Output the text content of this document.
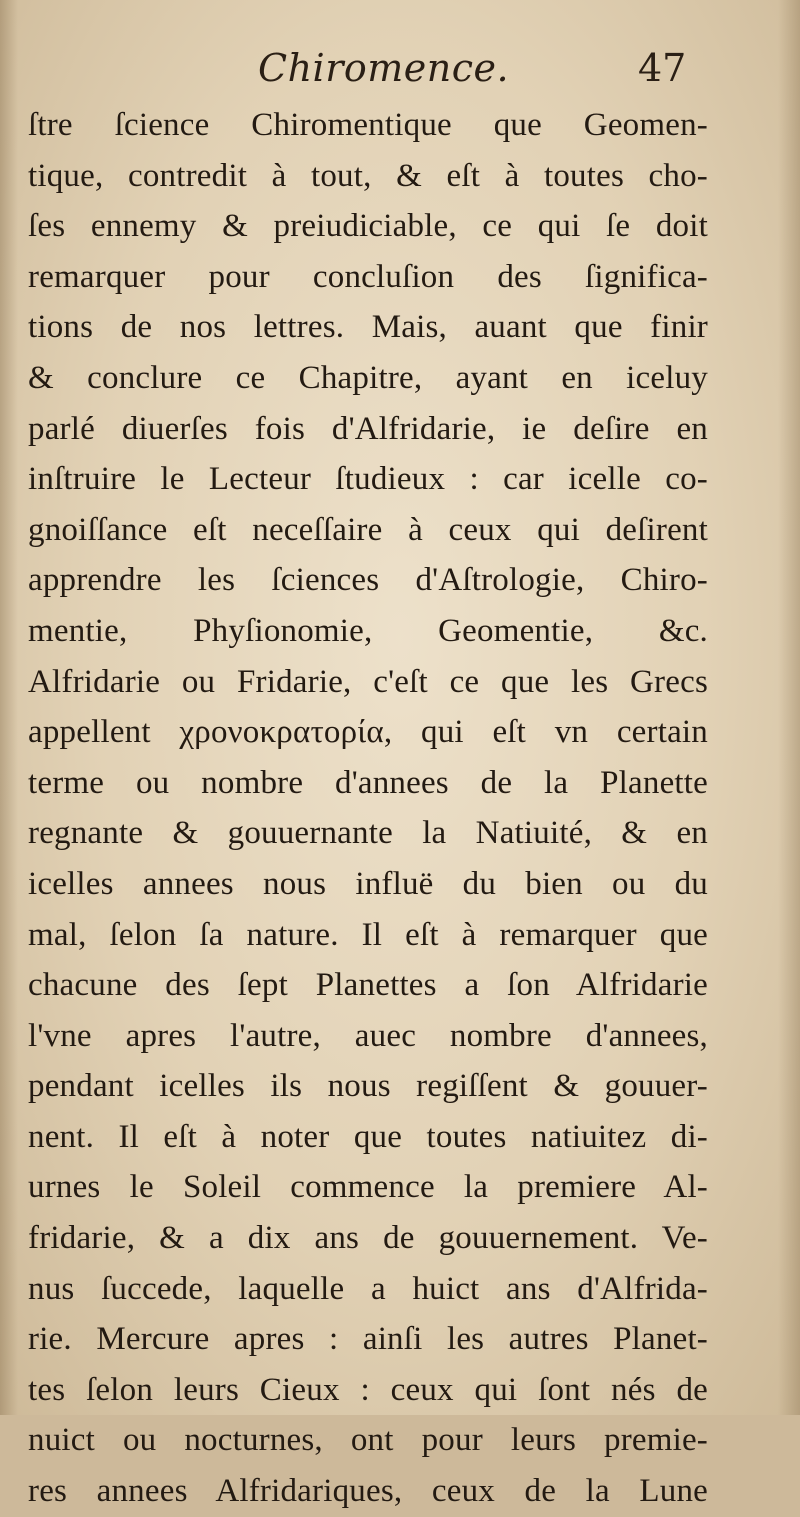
Chiromence.	47
ſtre ſcience Chiromentique que Geomen-
tique, contredit à tout, & eſt à toutes cho-
ſes ennemy & preiudiciable, ce qui ſe doit
remarquer pour concluſion des ſignifica-
tions de nos lettres. Mais, auant que finir
& conclure ce Chapitre, ayant en iceluy
parlé diuerſes fois d'Alfridarie, ie deſire en
inſtruire le Lecteur ſtudieux : car icelle co-
gnoiſſance eſt neceſſaire à ceux qui deſirent
apprendre les ſciences d'Aſtrologie, Chiro-
mentie, Phyſionomie, Geomentie, &c.
Alfridarie ou Fridarie, c'eſt ce que les Grecs
appellent χρονοκρατορία, qui eſt vn certain
terme ou nombre d'annees de la Planette
regnante & gouuernante la Natiuité, & en
icelles annees nous influë du bien ou du
mal, ſelon ſa nature. Il eſt à remarquer que
chacune des ſept Planettes a ſon Alfridarie
l'vne apres l'autre, auec nombre d'annees,
pendant icelles ils nous regiſſent & gouuer-
nent. Il eſt à noter que toutes natiuitez di-
urnes le Soleil commence la premiere Al-
fridarie, & a dix ans de gouuernement. Ve-
nus ſuccede, laquelle a huict ans d'Alfrida-
rie. Mercure apres : ainſi les autres Planet-
tes ſelon leurs Cieux : ceux qui ſont nés de
nuict ou nocturnes, ont pour leurs premie-
res annees Alfridariques, ceux de la Lune
